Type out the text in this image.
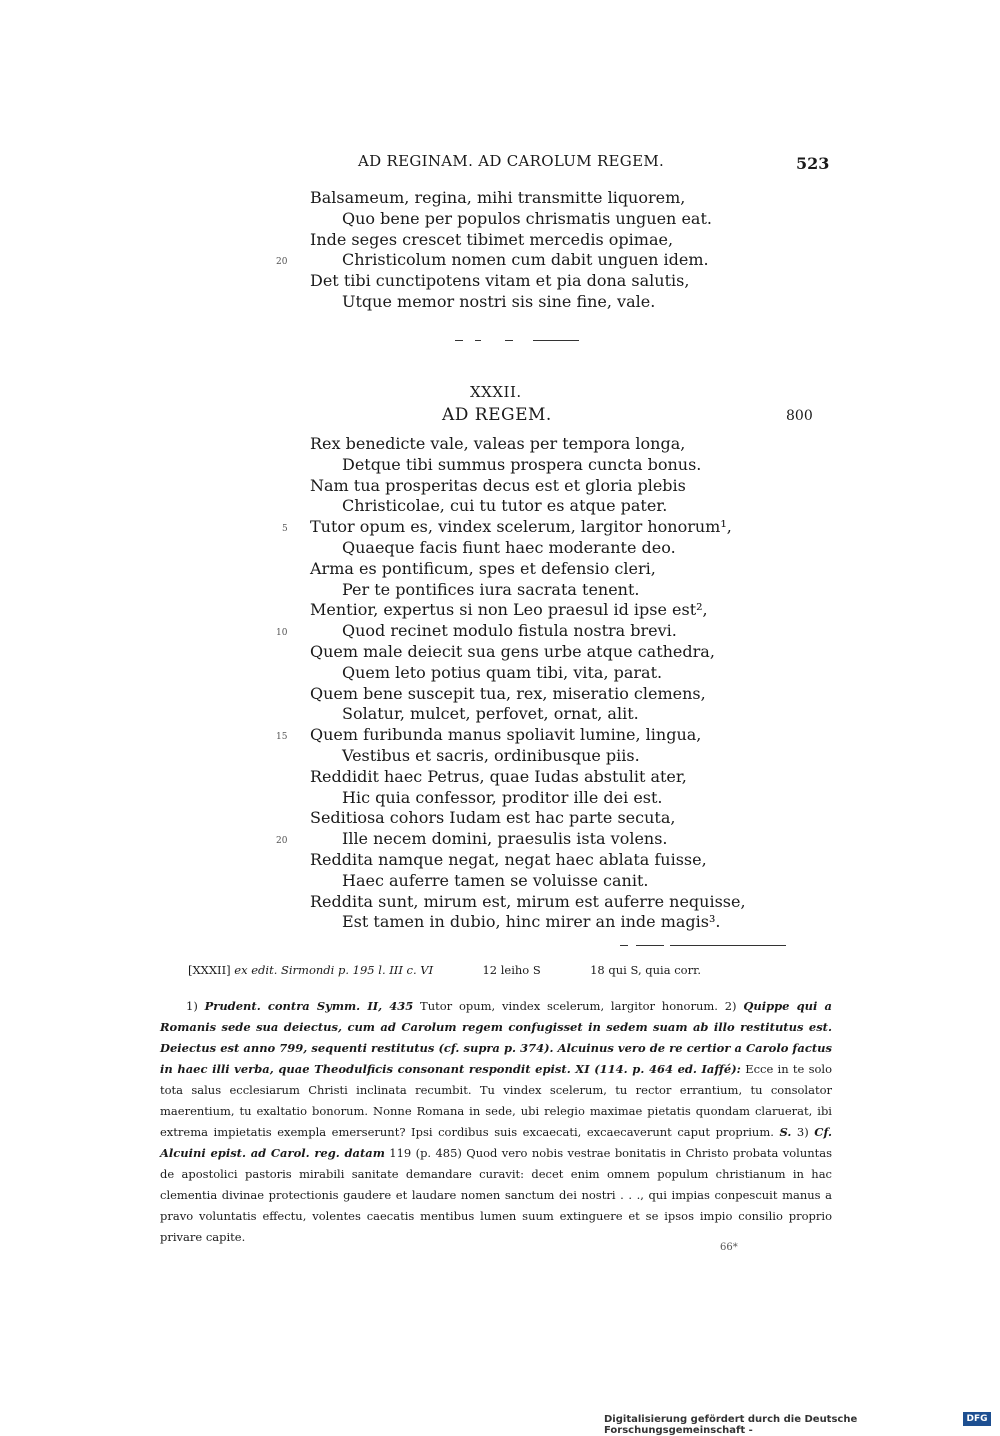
AD REGINAM. AD CAROLUM REGEM.	523
Balsameum, regina, mihi transmitte liquorem,
Quo bene per populos chrismatis unguen eat.
Inde seges crescet tibimet mercedis opimae,
Christicolum nomen cum dabit unguen idem.
Det tibi cunctipotens vitam et pia dona salutis,
Utque memor nostri sis sine fine, vale.
20
XXXII.
AD REGEM.	800
Rex benedicte vale, valeas per tempora longa,
Detque tibi summus prospera cuncta bonus.
Nam tua prosperitas decus est et gloria plebis
Christicolae, cui tu tutor es atque pater.
Tutor opum es, vindex scelerum, largitor honorum¹,
Quaeque facis fiunt haec moderante deo.
Arma es pontificum, spes et defensio cleri,
Per te pontifices iura sacrata tenent.
Mentior, expertus si non Leo praesul id ipse est²,
Quod recinet modulo fistula nostra brevi.
Quem male deiecit sua gens urbe atque cathedra,
Quem leto potius quam tibi, vita, parat.
Quem bene suscepit tua, rex, miseratio clemens,
Solatur, mulcet, perfovet, ornat, alit.
Quem furibunda manus spoliavit lumine, lingua,
Vestibus et sacris, ordinibusque piis.
Reddidit haec Petrus, quae Iudas abstulit ater,
Hic quia confessor, proditor ille dei est.
Seditiosa cohors Iudam est hac parte secuta,
Ille necem domini, praesulis ista volens.
Reddita namque negat, negat haec ablata fuisse,
Haec auferre tamen se voluisse canit.
Reddita sunt, mirum est, mirum est auferre nequisse,
Est tamen in dubio, hinc mirer an inde magis³.
5
10
15
20
[XXXII] ex edit. Sirmondi p. 195 l. III c. VI	12 leiho S	18 qui S, quia corr.

1) Prudent. contra Symm. II, 435 Tutor opum, vindex scelerum, largitor honorum. 2) Quippe qui a Romanis sede sua deiectus, cum ad Carolum regem confugisset in sedem suam ab illo restitutus est. Deiectus est anno 799, sequenti restitutus (cf. supra p. 374). Alcuinus vero de re certior a Carolo factus in haec illi verba, quae Theodulficis consonant respondit epist. XI (114. p. 464 ed. Iaffé): Ecce in te solo tota salus ecclesiarum Christi inclinata recumbit. Tu vindex scelerum, tu rector errantium, tu consolator maerentium, tu exaltatio bonorum. Nonne Romana in sede, ubi relegio maximae pietatis quondam claruerat, ibi extrema impietatis exempla emerserunt? Ipsi cordibus suis excaecati, excaecaverunt caput proprium. S. 3) Cf. Alcuini epist. ad Carol. reg. datam 119 (p. 485) Quod vero nobis vestrae bonitatis in Christo probata voluntas de apostolici pastoris mirabili sanitate demandare curavit: decet enim omnem populum christianum in hac clementia divinae protectionis gaudere et laudare nomen sanctum dei nostri . . ., qui impias conpescuit manus a pravo voluntatis effectu, volentes caecatis mentibus lumen suum extinguere et se ipsos impio consilio proprio privare capite.

66*
Digitalisierung gefördert durch die Deutsche Forschungsgemeinschaft -
DFG
